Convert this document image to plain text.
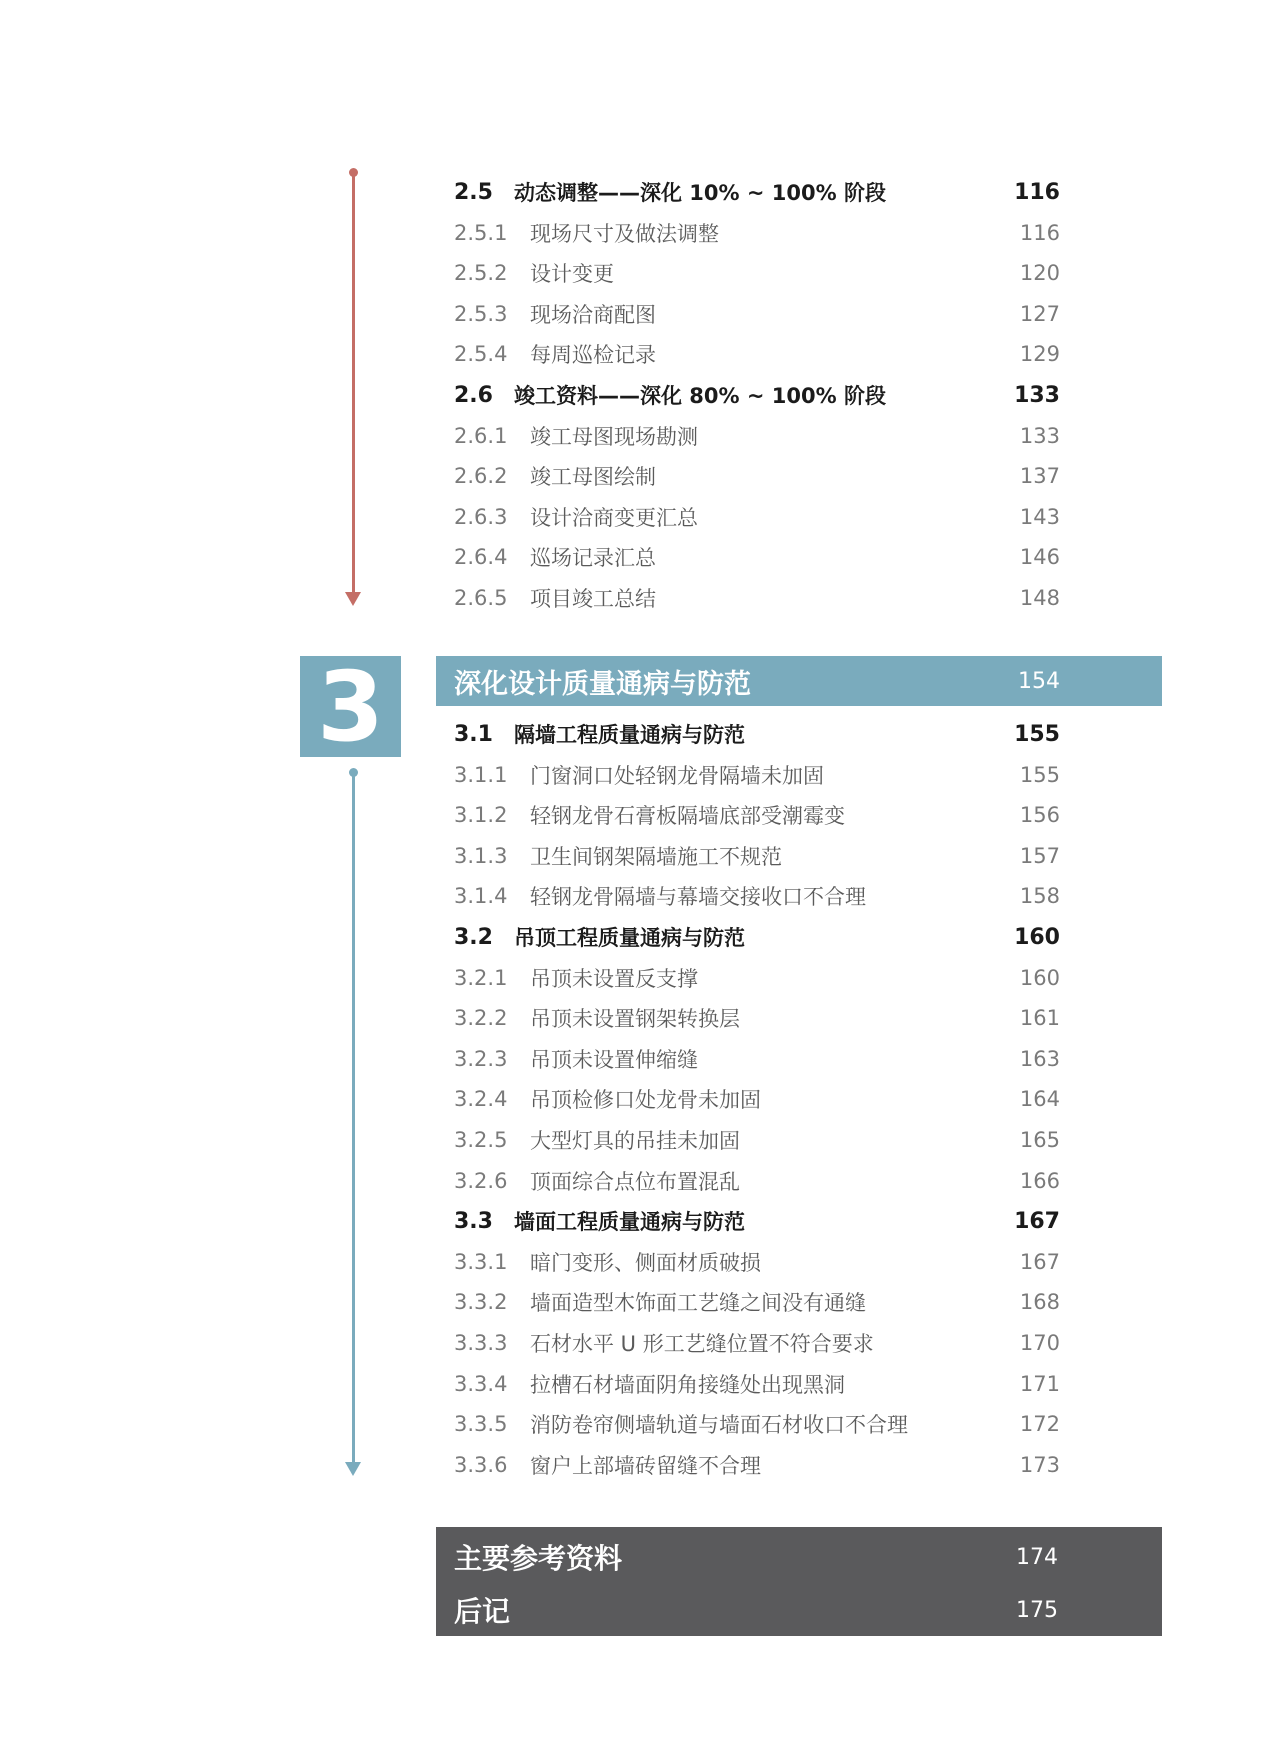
2.5	动态调整——深化 10% ~ 100% 阶段	116
2.5.1	现场尺寸及做法调整	116
2.5.2	设计变更	120
2.5.3	现场洽商配图	127
2.5.4	每周巡检记录	129
2.6	竣工资料——深化 80% ~ 100% 阶段	133
2.6.1	竣工母图现场勘测	133
2.6.2	竣工母图绘制	137
2.6.3	设计洽商变更汇总	143
2.6.4	巡场记录汇总	146
2.6.5	项目竣工总结	148
3	深化设计质量通病与防范	154
3.1	隔墙工程质量通病与防范	155
3.1.1	门窗洞口处轻钢龙骨隔墙未加固	155
3.1.2	轻钢龙骨石膏板隔墙底部受潮霉变	156
3.1.3	卫生间钢架隔墙施工不规范	157
3.1.4	轻钢龙骨隔墙与幕墙交接收口不合理	158
3.2	吊顶工程质量通病与防范	160
3.2.1	吊顶未设置反支撑	160
3.2.2	吊顶未设置钢架转换层	161
3.2.3	吊顶未设置伸缩缝	163
3.2.4	吊顶检修口处龙骨未加固	164
3.2.5	大型灯具的吊挂未加固	165
3.2.6	顶面综合点位布置混乱	166
3.3	墙面工程质量通病与防范	167
3.3.1	暗门变形、侧面材质破损	167
3.3.2	墙面造型木饰面工艺缝之间没有通缝	168
3.3.3	石材水平 U 形工艺缝位置不符合要求	170
3.3.4	拉槽石材墙面阴角接缝处出现黑洞	171
3.3.5	消防卷帘侧墙轨道与墙面石材收口不合理	172
3.3.6	窗户上部墙砖留缝不合理	173
主要参考资料	174
后记	175
